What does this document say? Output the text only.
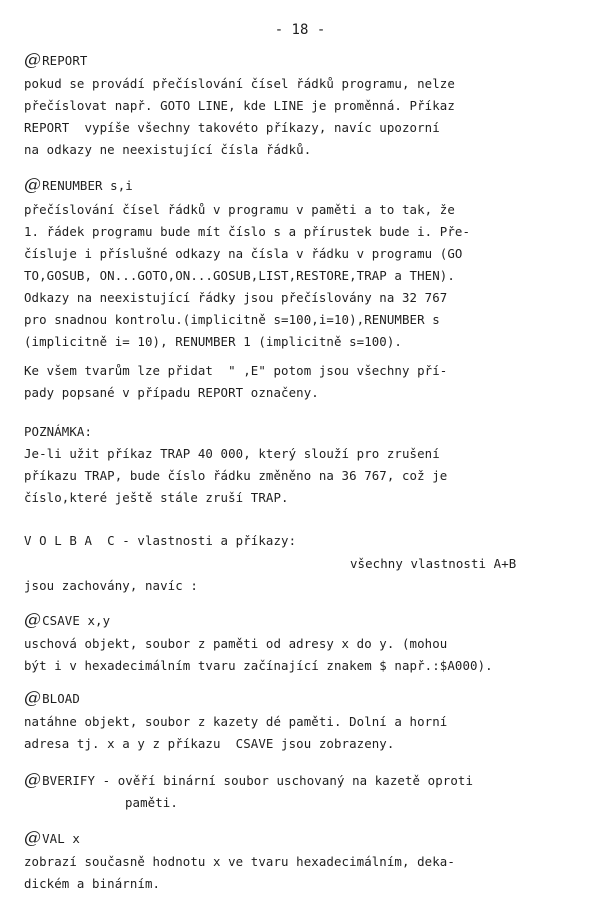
- 18 -
@REPORT
pokud se provádí přečíslování čísel řádků programu, nelze
přečíslovat např. GOTO LINE, kde LINE je proměnná. Příkaz
REPORT  vypíše všechny takovéto příkazy, navíc upozorní
na odkazy ne neexistující čísla řádků.
@RENUMBER s,i
přečíslování čísel řádků v programu v paměti a to tak, že
1. řádek programu bude mít číslo s a přírustek bude i. Pře-
čísluje i příslušné odkazy na čísla v řádku v programu (GO
TO,GOSUB, ON...GOTO,ON...GOSUB,LIST,RESTORE,TRAP a THEN).
Odkazy na neexistující řádky jsou přečíslovány na 32 767
pro snadnou kontrolu.(implicitně s=100,i=10),RENUMBER s
(implicitně i= 10), RENUMBER 1 (implicitně s=100).
Ke všem tvarům lze přidat  " ,E" potom jsou všechny pří-
pady popsané v případu REPORT označeny.
POZNÁMKA:
Je-li užit příkaz TRAP 40 000, který slouží pro zrušení
příkazu TRAP, bude číslo řádku změněno na 36 767, což je
číslo,které ještě stále zruší TRAP.
V O L B A  C - vlastnosti a příkazy:
všechny vlastnosti A+B
jsou zachovány, navíc :
@CSAVE x,y
uschová objekt, soubor z paměti od adresy x do y. (mohou
být i v hexadecimálním tvaru začínající znakem $ např.:$A000).
@BLOAD
natáhne objekt, soubor z kazety dé paměti. Dolní a horní
adresa tj. x a y z příkazu  CSAVE jsou zobrazeny.
@BVERIFY - ověří binární soubor uschovaný na kazetě oproti
paměti.
@VAL x
zobrazí současně hodnotu x ve tvaru hexadecimálním, deka-
dickém a binárním.
